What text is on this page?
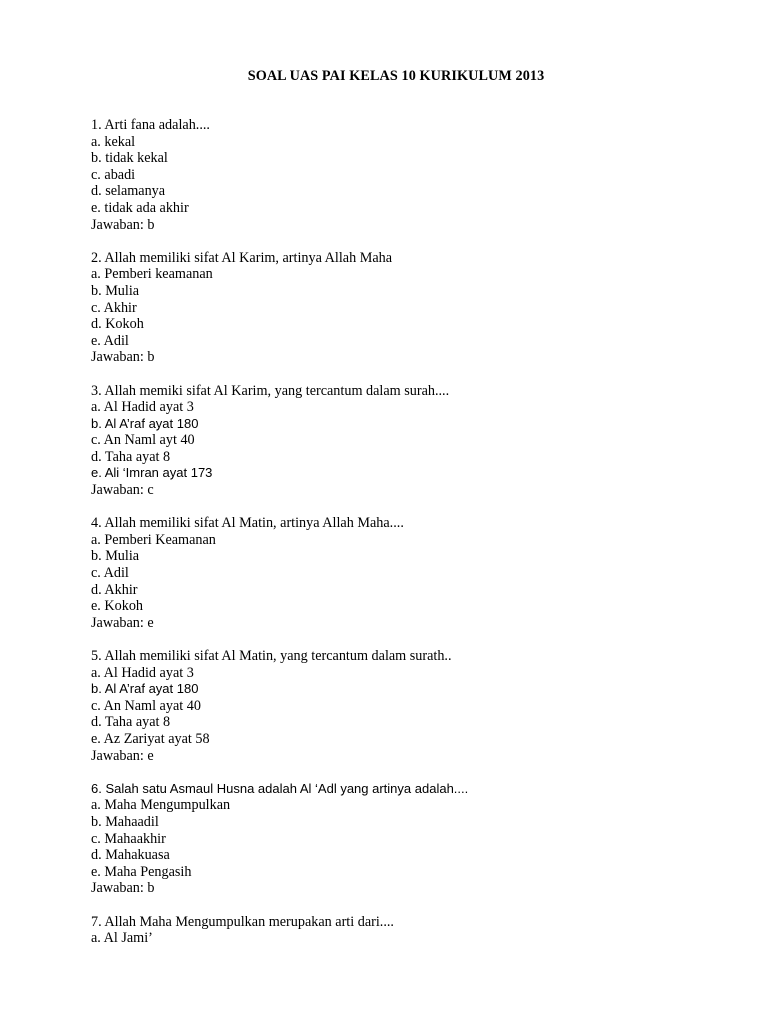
SOAL UAS PAI KELAS 10 KURIKULUM 2013
1. Arti fana adalah....
a. kekal
b. tidak kekal
c. abadi
d. selamanya
e. tidak ada akhir
Jawaban: b
2. Allah memiliki sifat Al Karim, artinya Allah Maha
a. Pemberi keamanan
b. Mulia
c. Akhir
d. Kokoh
e. Adil
Jawaban: b
3. Allah memiki sifat Al Karim, yang tercantum dalam surah....
a. Al Hadid ayat 3
b. Al A’raf ayat 180
c. An Naml ayt 40
d. Taha ayat 8
e. Ali ‘Imran ayat 173
Jawaban: c
4. Allah memiliki sifat Al Matin, artinya Allah Maha....
a. Pemberi Keamanan
b. Mulia
c. Adil
d. Akhir
e. Kokoh
Jawaban: e
5. Allah memiliki sifat Al Matin, yang tercantum dalam surath..
a. Al Hadid ayat 3
b. Al A’raf ayat 180
c. An Naml ayat 40
d. Taha ayat 8
e. Az Zariyat ayat 58
Jawaban: e
6. Salah satu Asmaul Husna adalah Al ‘Adl yang artinya adalah....
a. Maha Mengumpulkan
b. Mahaadil
c. Mahaakhir
d. Mahakuasa
e. Maha Pengasih
Jawaban: b
7. Allah Maha Mengumpulkan merupakan arti dari....
a. Al Jami’
